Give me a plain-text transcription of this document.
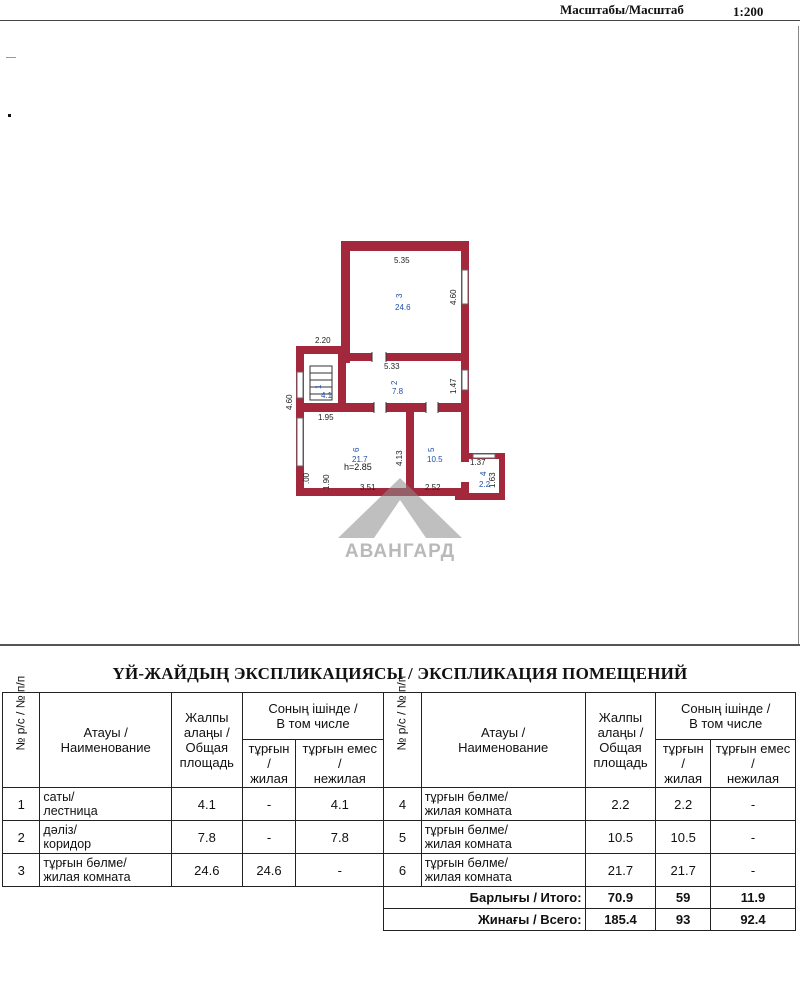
Масштабы/Масштаб	1:200
5.35
4.60
5.33
2.20
4.60
1.95
1.47
4.13	1.37
1.63
3.51	2.52
1.90
.00
h=2.85
1
4.1
2
7.8
3
24.6
4
2.2
5
10.5
6
21.7
АВАНГАРД
ҮЙ-ЖАЙДЫҢ ЭКСПЛИКАЦИЯСЫ / ЭКСПЛИКАЦИЯ ПОМЕЩЕНИЙ
№ р/с / № п/п	Атауы /
Наименование	Жалпы
алаңы /
Общая
площадь	Соның ішінде /
В том числе		№ р/с / № п/п	Атауы /
Наименование	Жалпы
алаңы /
Общая
площадь	Соның ішінде /
В том числе	
			тұрғын /
жилая	тұрғын емес /
нежилая				тұрғын /
жилая	тұрғын емес /
нежилая
1	саты/
лестница	4.1	-	4.1	4	тұрғын бөлме/
жилая комната	2.2	2.2	-
2	дәліз/
коридор	7.8	-	7.8	5	тұрғын бөлме/
жилая комната	10.5	10.5	-
3	тұрғын бөлме/
жилая комната	24.6	24.6	-	6	тұрғын бөлме/
жилая комната	21.7	21.7	-
					Барлығы / Итого:		70.9	59	11.9
					Жинағы / Всего:		185.4	93	92.4
